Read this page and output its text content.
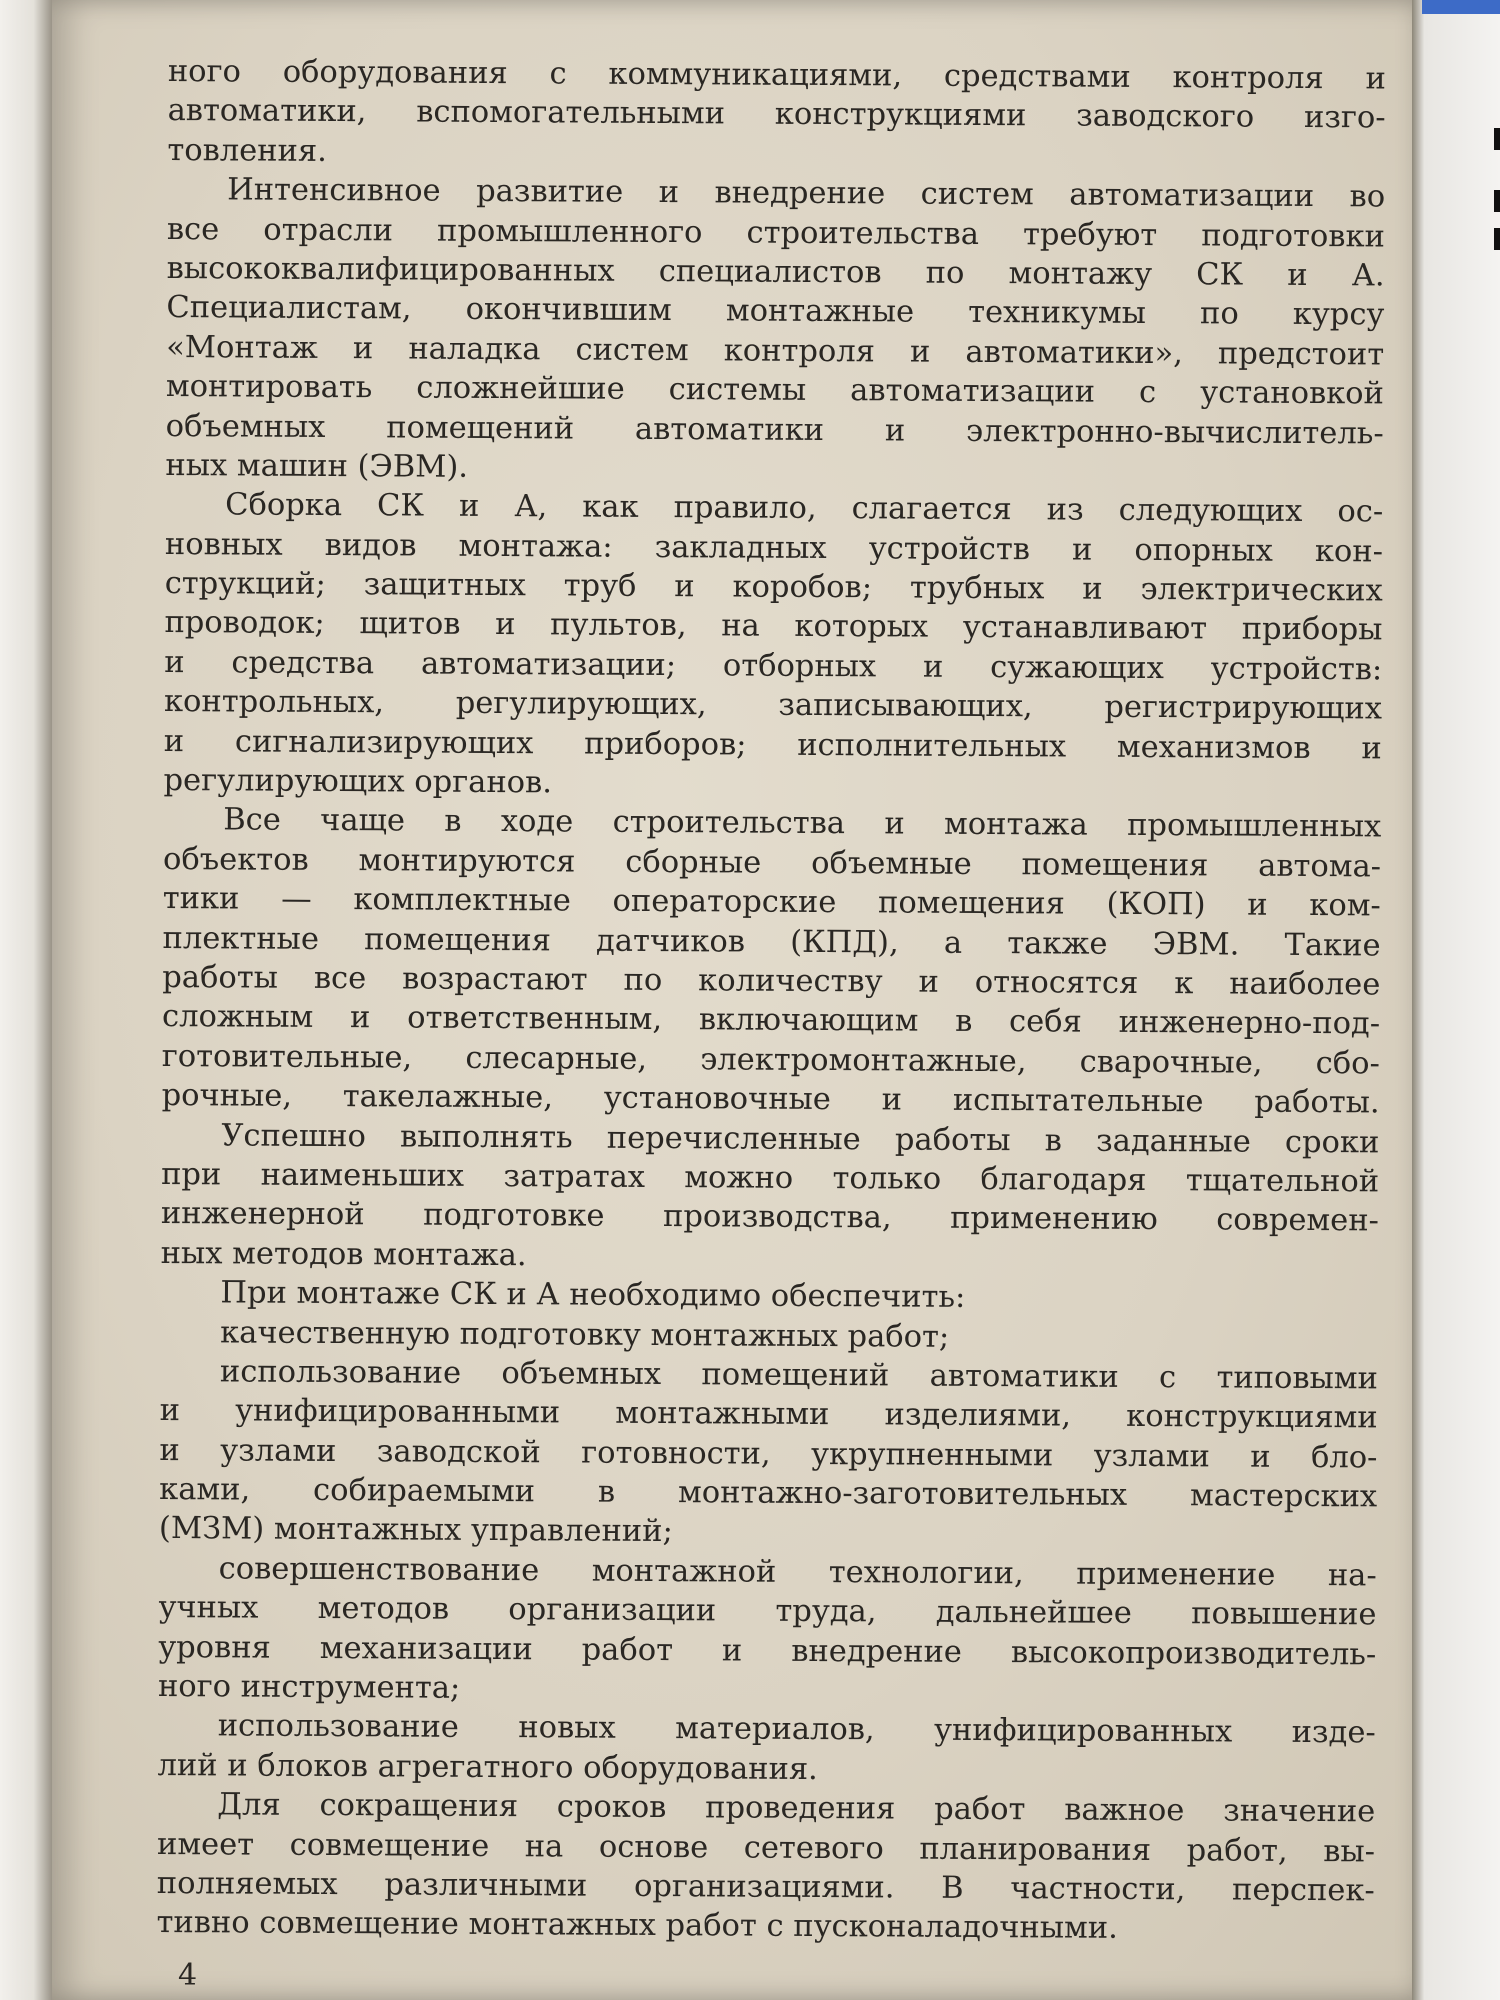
ного оборудования с коммуникациями, средствами контроля и
автоматики, вспомогательными конструкциями заводского изго-
товления.
Интенсивное развитие и внедрение систем автоматизации во
все отрасли промышленного строительства требуют подготовки
высококвалифицированных специалистов по монтажу СК и А.
Специалистам, окончившим монтажные техникумы по курсу
«Монтаж и наладка систем контроля и автоматики», предстоит
монтировать сложнейшие системы автоматизации с установкой
объемных помещений автоматики и электронно-вычислитель-
ных машин (ЭВМ).
Сборка СК и А, как правило, слагается из следующих ос-
новных видов монтажа: закладных устройств и опорных кон-
струкций; защитных труб и коробов; трубных и электрических
проводок; щитов и пультов, на которых устанавливают приборы
и средства автоматизации; отборных и сужающих устройств:
контрольных, регулирующих, записывающих, регистрирующих
и сигнализирующих приборов; исполнительных механизмов и
регулирующих органов.
Все чаще в ходе строительства и монтажа промышленных
объектов монтируются сборные объемные помещения автома-
тики — комплектные операторские помещения (КОП) и ком-
плектные помещения датчиков (КПД), а также ЭВМ. Такие
работы все возрастают по количеству и относятся к наиболее
сложным и ответственным, включающим в себя инженерно-под-
готовительные, слесарные, электромонтажные, сварочные, сбо-
рочные, такелажные, установочные и испытательные работы.
Успешно выполнять перечисленные работы в заданные сроки
при наименьших затратах можно только благодаря тщательной
инженерной подготовке производства, применению современ-
ных методов монтажа.
При монтаже СК и А необходимо обеспечить:
качественную подготовку монтажных работ;
использование объемных помещений автоматики с типовыми
и унифицированными монтажными изделиями, конструкциями
и узлами заводской готовности, укрупненными узлами и бло-
ками, собираемыми в монтажно-заготовительных мастерских
(МЗМ) монтажных управлений;
совершенствование монтажной технологии, применение на-
учных методов организации труда, дальнейшее повышение
уровня механизации работ и внедрение высокопроизводитель-
ного инструмента;
использование новых материалов, унифицированных изде-
лий и блоков агрегатного оборудования.
Для сокращения сроков проведения работ важное значение
имеет совмещение на основе сетевого планирования работ, вы-
полняемых различными организациями. В частности, перспек-
тивно совмещение монтажных работ с пусконаладочными.
4
